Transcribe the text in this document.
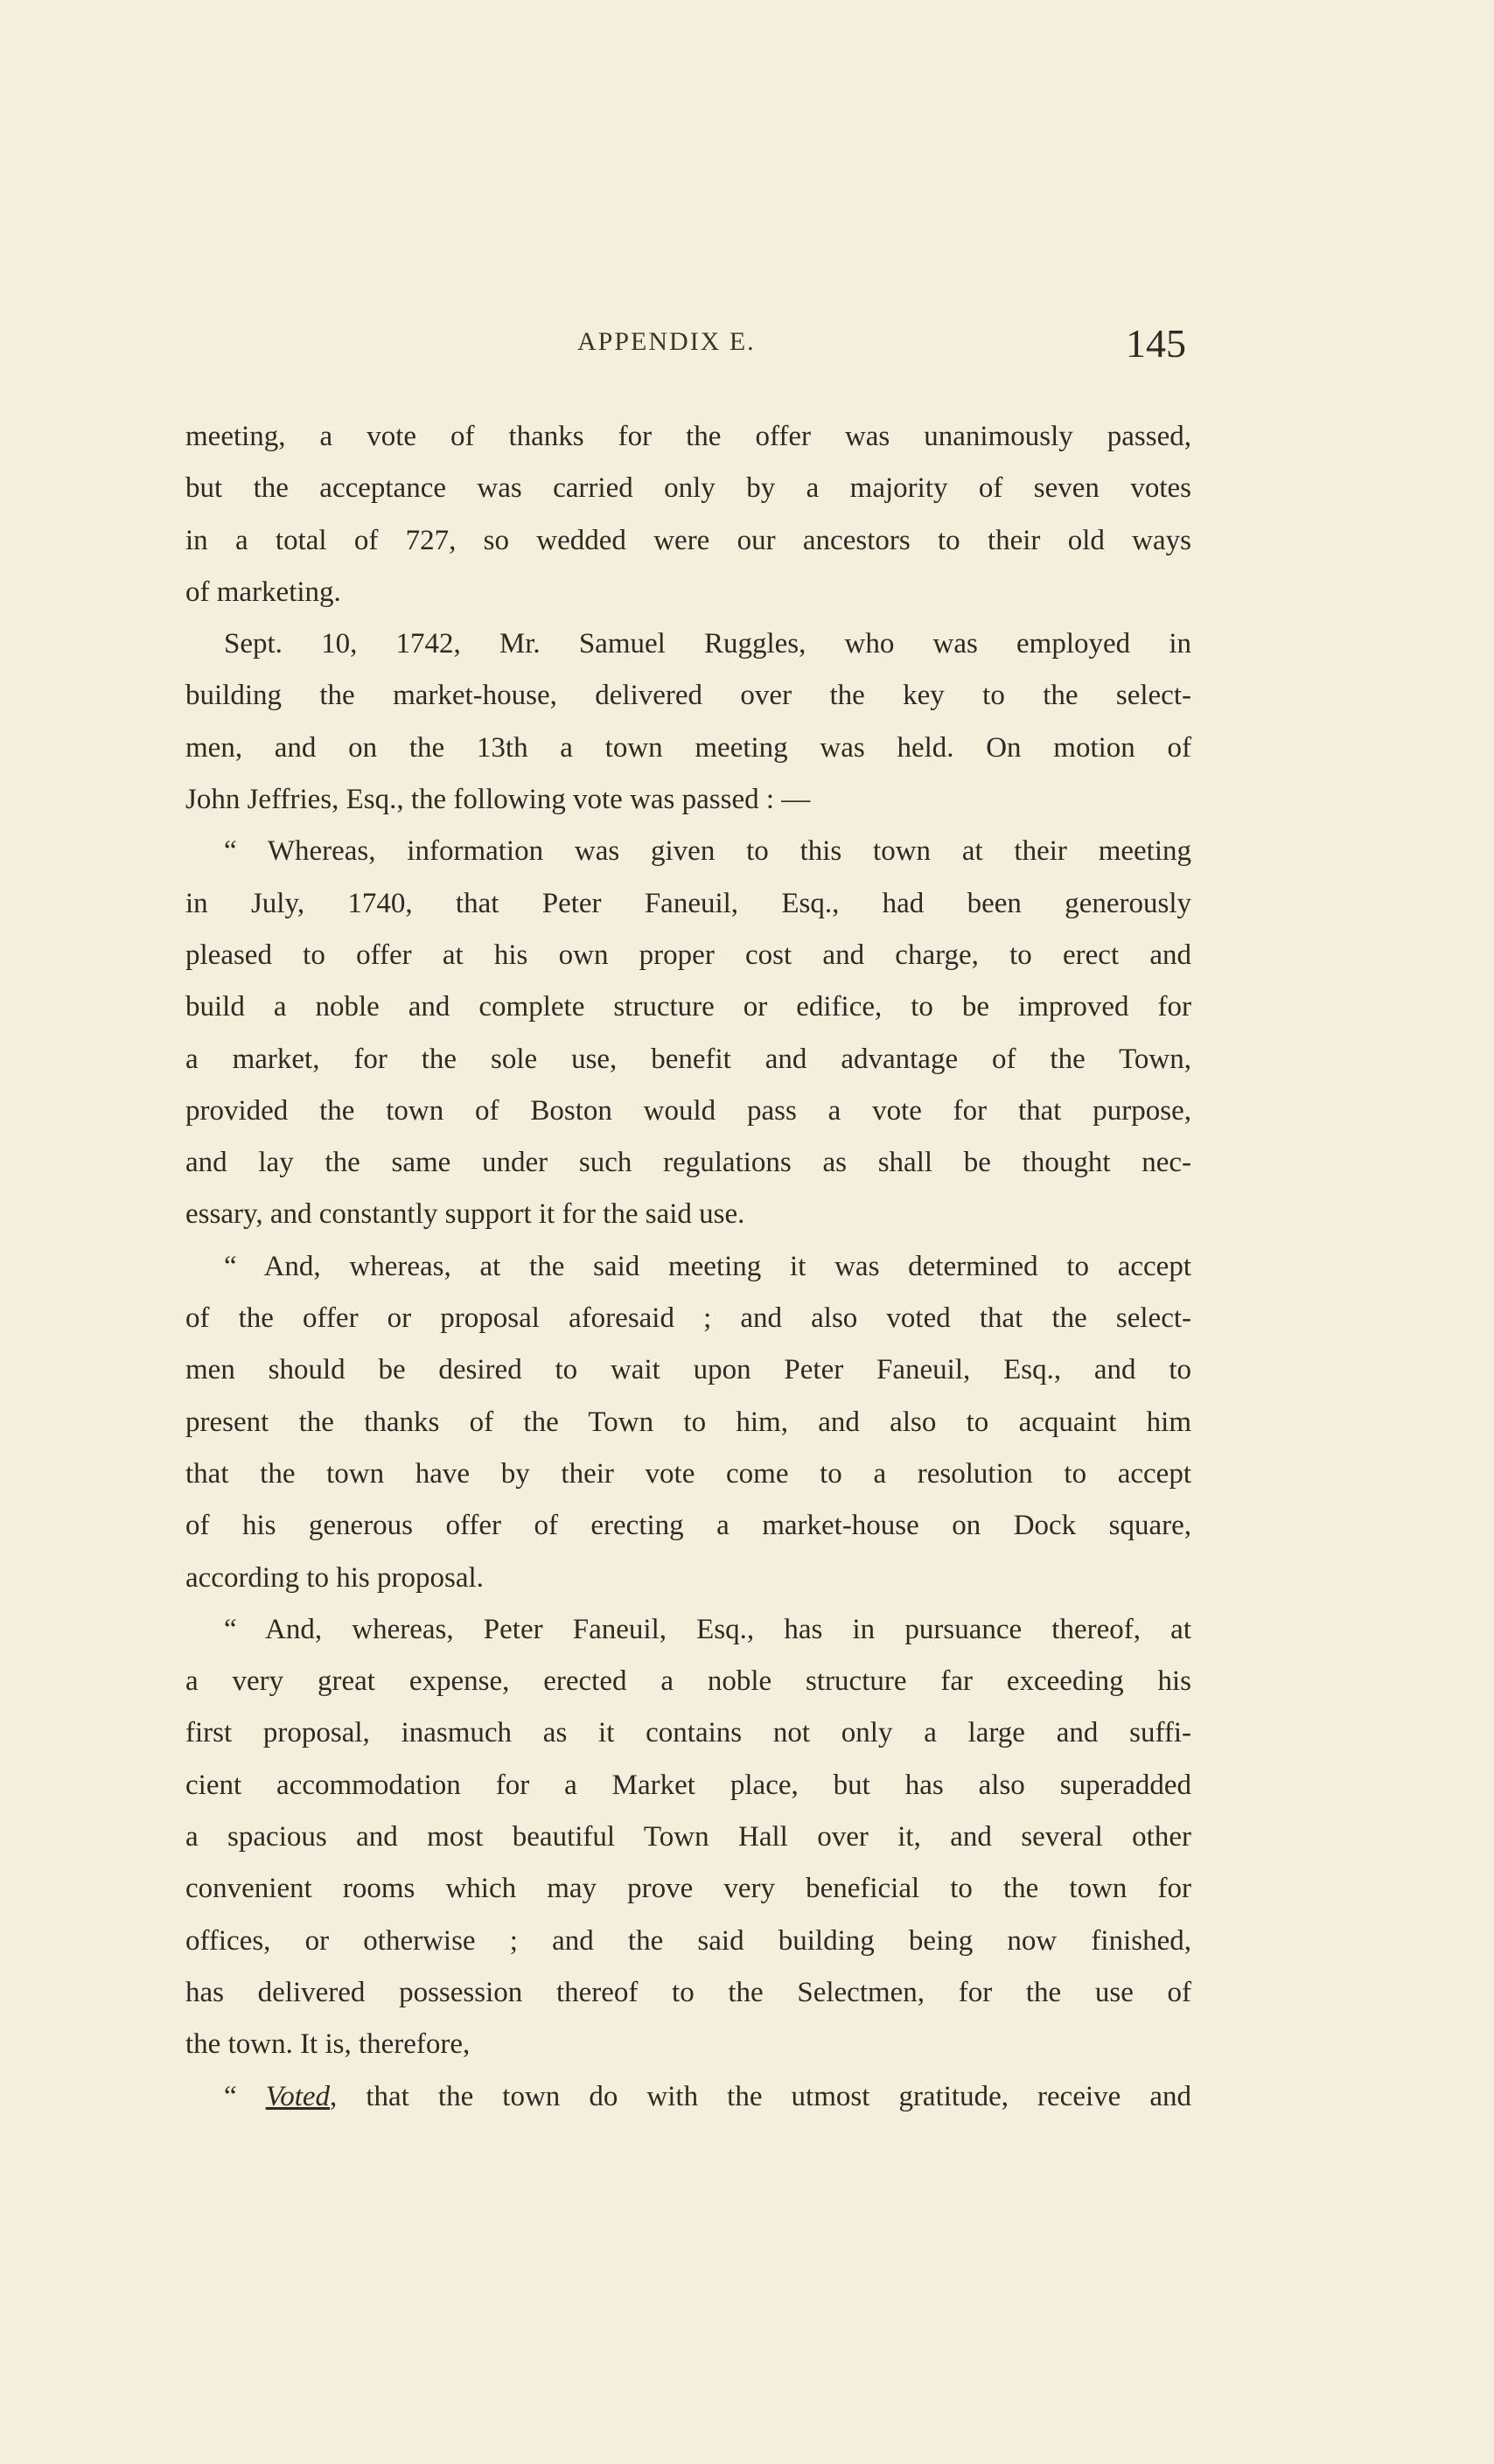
APPENDIX E.	145
meeting, a vote of thanks for the offer was unanimously passed,
but the acceptance was carried only by a majority of seven votes
in a total of 727, so wedded were our ancestors to their old ways
of marketing.
Sept. 10, 1742, Mr. Samuel Ruggles, who was employed in
building the market-house, delivered over the key to the select-
men, and on the 13th a town meeting was held. On motion of
John Jeffries, Esq., the following vote was passed : —
“ Whereas, information was given to this town at their meeting
in July, 1740, that Peter Faneuil, Esq., had been generously
pleased to offer at his own proper cost and charge, to erect and
build a noble and complete structure or edifice, to be improved for
a market, for the sole use, benefit and advantage of the Town,
provided the town of Boston would pass a vote for that purpose,
and lay the same under such regulations as shall be thought nec-
essary, and constantly support it for the said use.
“ And, whereas, at the said meeting it was determined to accept
of the offer or proposal aforesaid ; and also voted that the select-
men should be desired to wait upon Peter Faneuil, Esq., and to
present the thanks of the Town to him, and also to acquaint him
that the town have by their vote come to a resolution to accept
of his generous offer of erecting a market-house on Dock square,
according to his proposal.
“ And, whereas, Peter Faneuil, Esq., has in pursuance thereof, at
a very great expense, erected a noble structure far exceeding his
first proposal, inasmuch as it contains not only a large and suffi-
cient accommodation for a Market place, but has also superadded
a spacious and most beautiful Town Hall over it, and several other
convenient rooms which may prove very beneficial to the town for
offices, or otherwise ; and the said building being now finished,
has delivered possession thereof to the Selectmen, for the use of
the town. It is, therefore,
“ Voted, that the town do with the utmost gratitude, receive and
